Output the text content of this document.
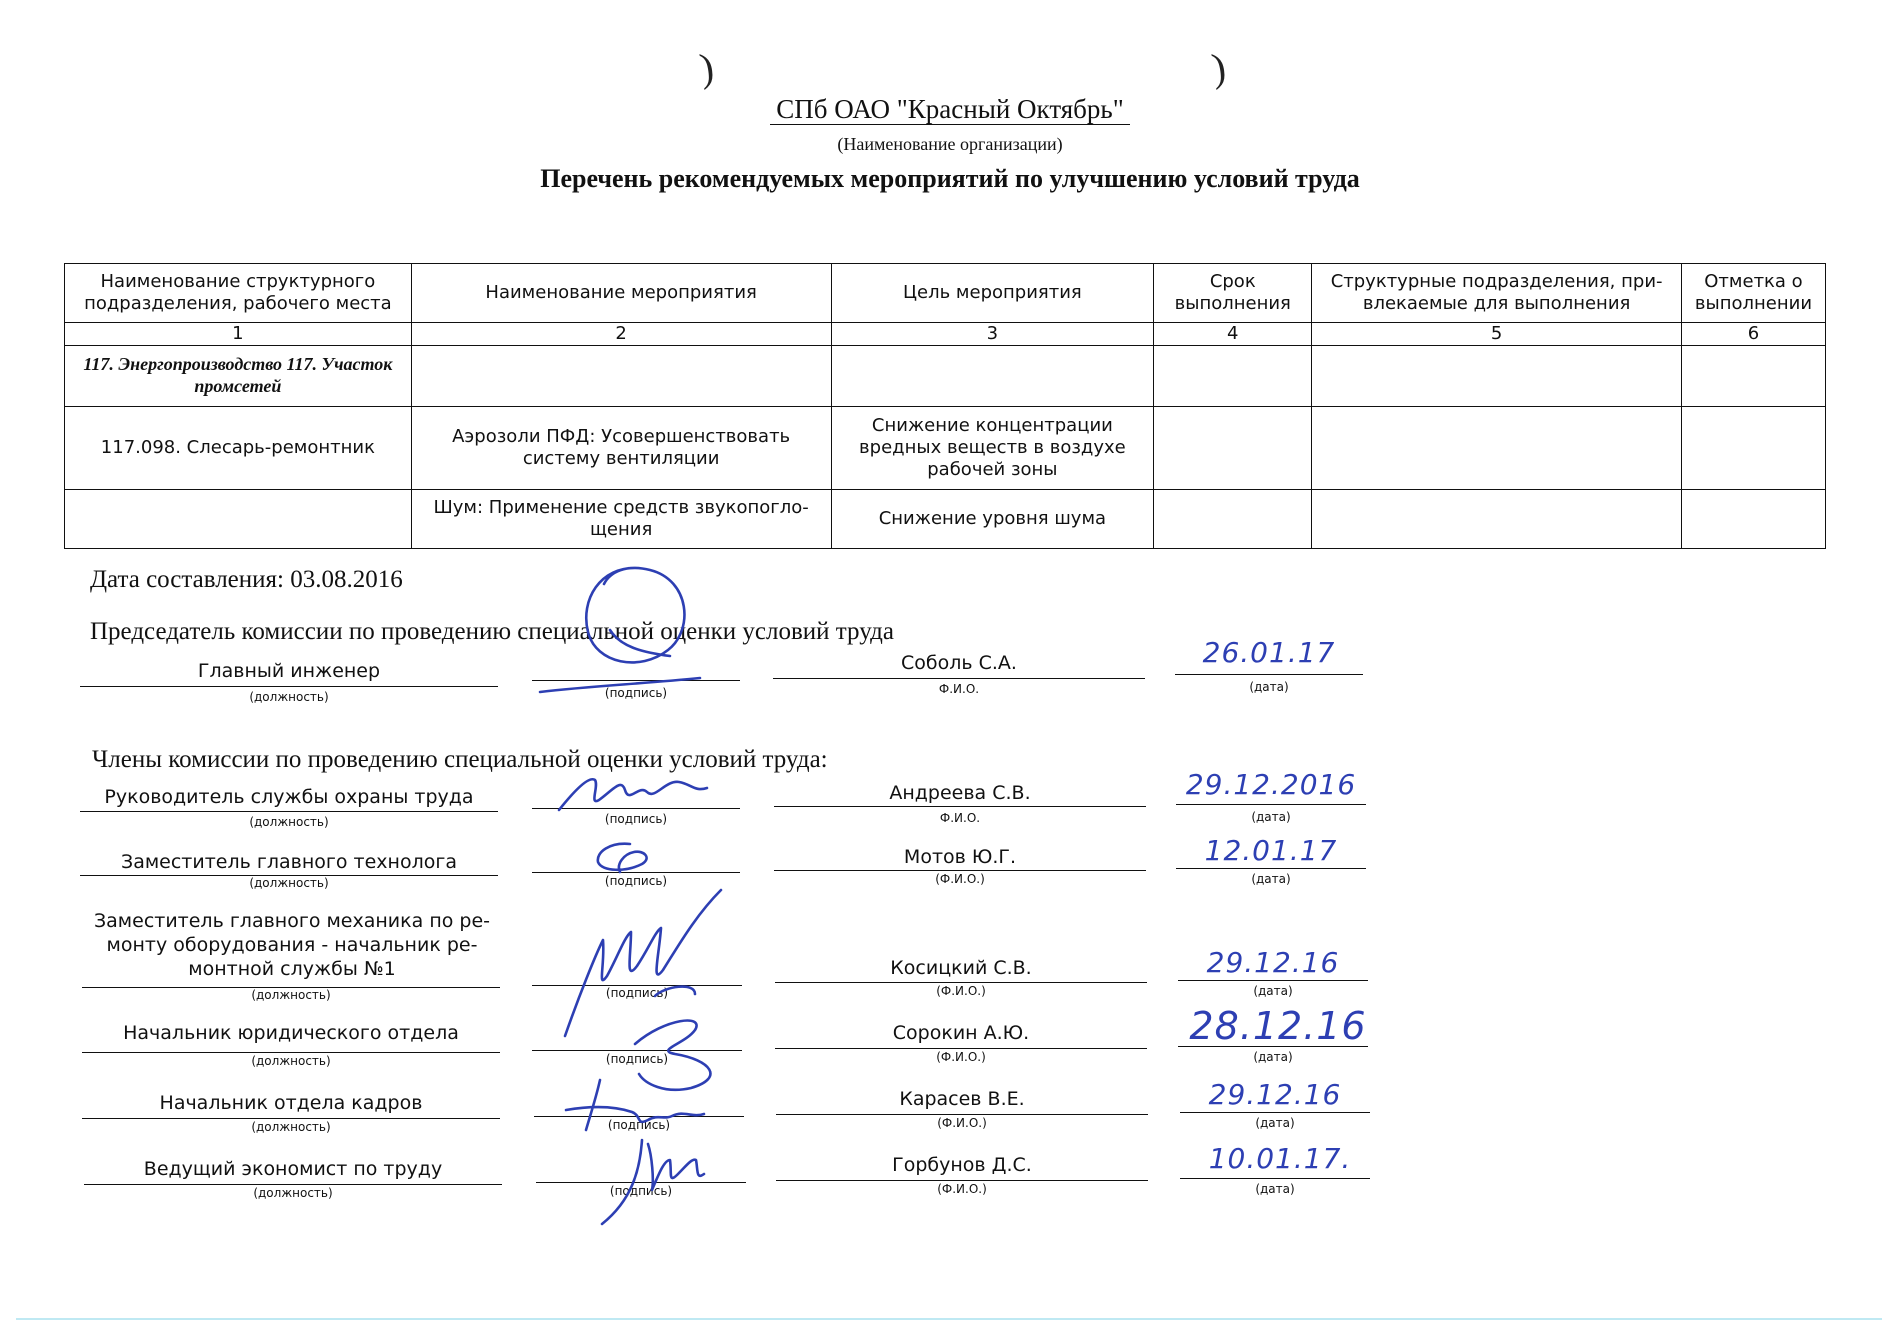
)	)
СПб ОАО "Красный Октябрь"
(Наименование организации)
Перечень рекомендуемых мероприятий по улучшению условий труда
Наименование структурного подразделения, рабочего места	Наименование мероприятия	Цель мероприятия	Срок выполнения	Структурные подразделения, при-влекаемые для выполнения	Отметка о выполнении
1	2	3	4	5	6
117. Энергопроизводство 117. Участок промсетей					
117.098. Слесарь-ремонтник	Аэрозоли ПФД: Усовершенствовать систему вентиляции	Снижение концентрации вредных веществ в воздухе рабочей зоны			
	Шум: Применение средств звукопогло-щения	Снижение уровня шума			
Дата составления: 03.08.2016
Председатель комиссии по проведению специальной оценки условий труда
Главный инженер
(должность)	(подпись)
Соболь С.А.
Ф.И.О.
26.01.17
(дата)
Члены комиссии по проведению специальной оценки условий труда:
Руководитель службы охраны труда
(должность)	(подпись)
Андреева С.В.
Ф.И.О.
29.12.2016
(дата)
Заместитель главного технолога
(должность)	(подпись)
Мотов Ю.Г.
(Ф.И.О.)
12.01.17
(дата)
Заместитель главного механика по ре-монту оборудования - начальник ре-монтной службы №1
(должность)	(подпись)
Косицкий С.В.
(Ф.И.О.)
29.12.16
(дата)
Начальник юридического отдела
(должность)	(подпись)
Сорокин А.Ю.
(Ф.И.О.)
28.12.16
(дата)
Начальник отдела кадров
(должность)	(подпись)
Карасев В.Е.
(Ф.И.О.)
29.12.16
(дата)
Ведущий экономист по труду
(должность)	(подпись)
Горбунов Д.С.
(Ф.И.О.)
10.01.17.
(дата)
